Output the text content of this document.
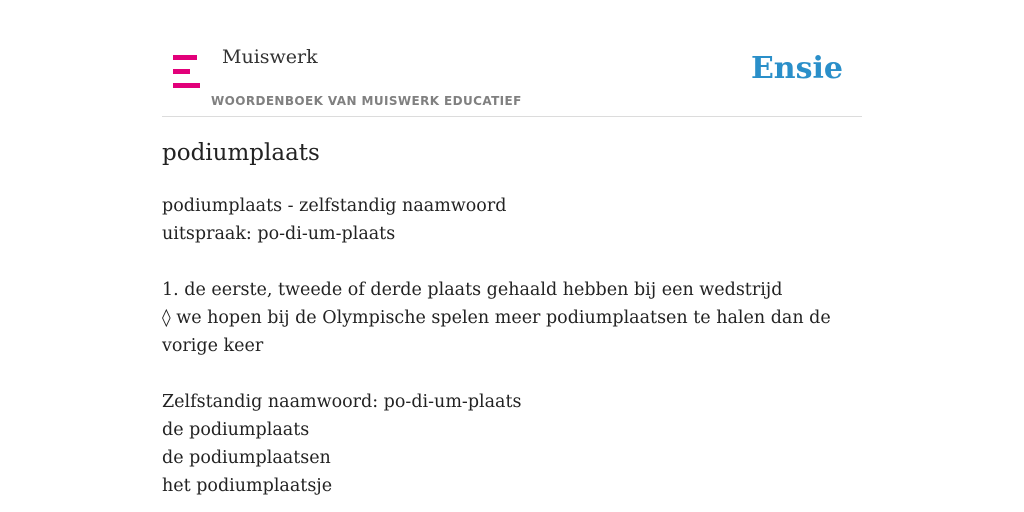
Muiswerk
WOORDENBOEK VAN MUISWERK EDUCATIEF
Ensie
podiumplaats
podiumplaats - zelfstandig naamwoord
uitspraak: po-di-um-plaats
1. de eerste, tweede of derde plaats gehaald hebben bij een wedstrijd
◊ we hopen bij de Olympische spelen meer podiumplaatsen te halen dan de vorige keer
Zelfstandig naamwoord: po-di-um-plaats
de podiumplaats
de podiumplaatsen
het podiumplaatsje
